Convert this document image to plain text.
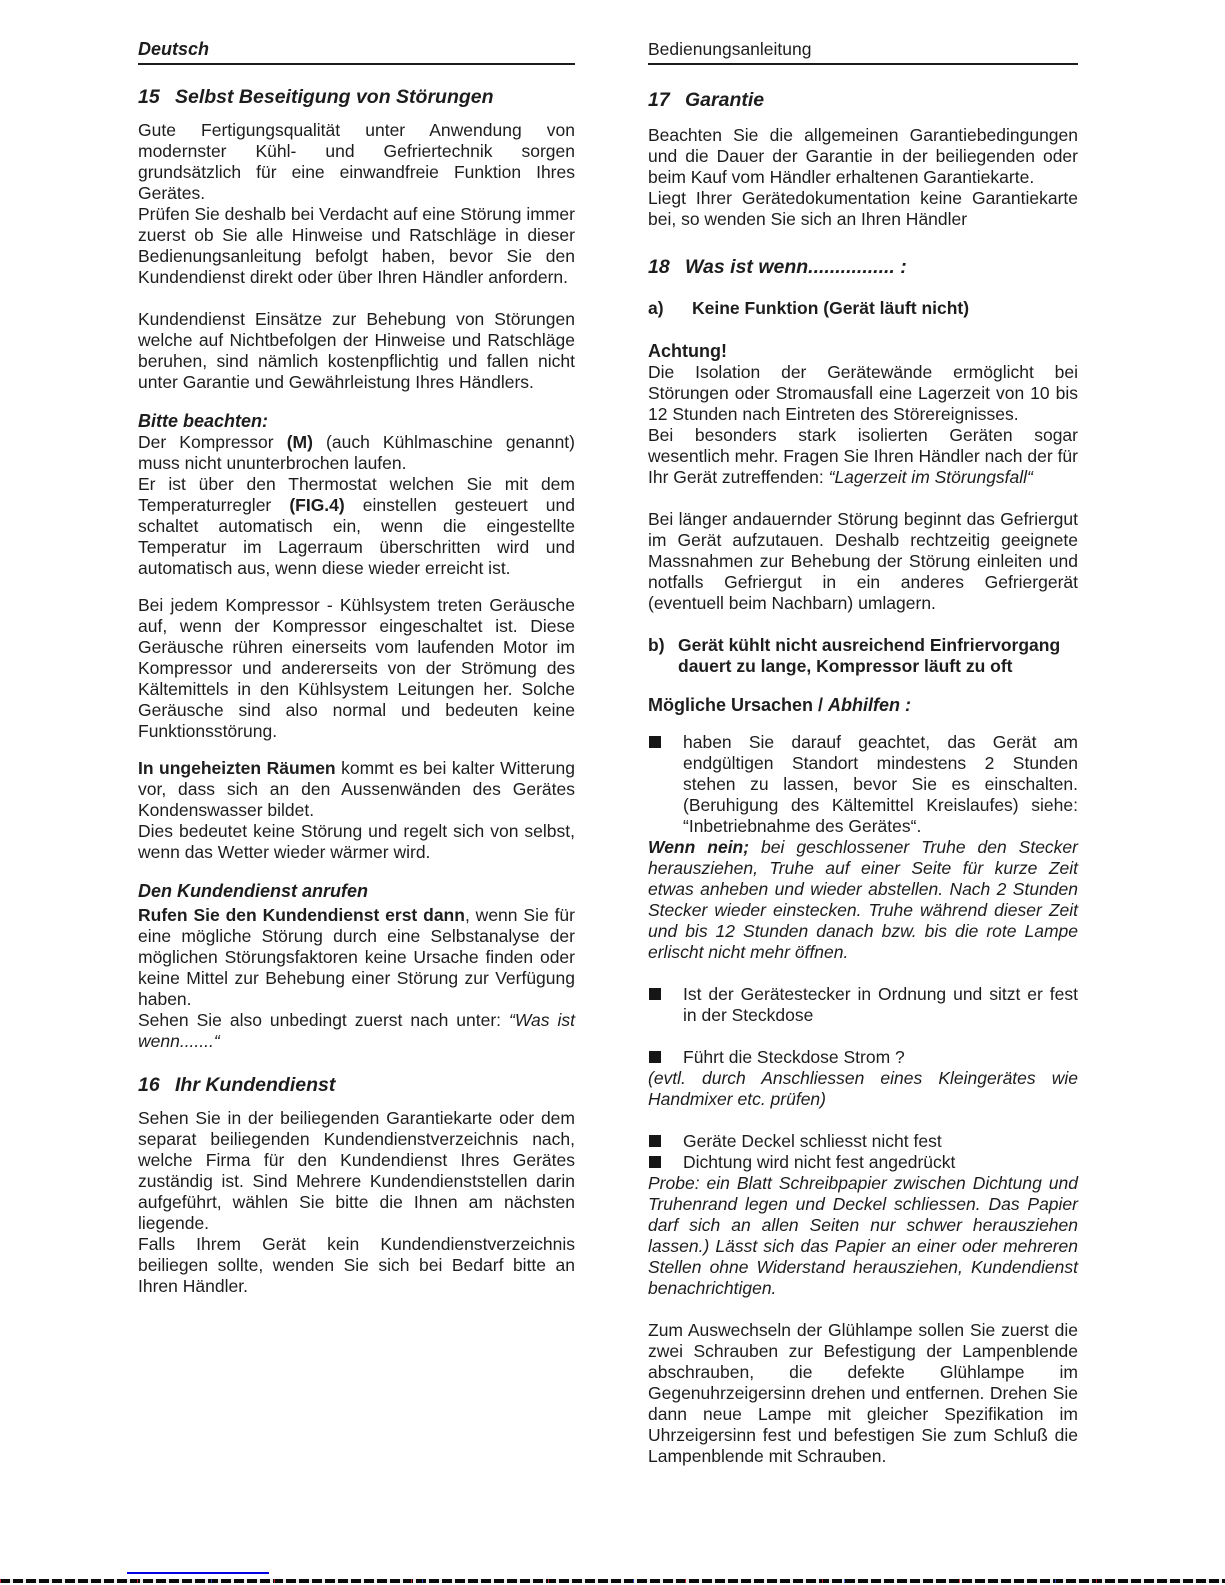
Deutsch
15 Selbst Beseitigung von Störungen
Gute Fertigungsqualität unter Anwendung von modernster Kühl- und Gefriertechnik sorgen grundsätzlich für eine einwandfreie Funktion Ihres Gerätes.
Prüfen Sie deshalb bei Verdacht auf eine Störung immer zuerst ob Sie alle Hinweise und Ratschläge in dieser Bedienungsanleitung befolgt haben, bevor Sie den Kundendienst direkt oder über Ihren Händler anfordern.
Kundendienst Einsätze zur Behebung von Störungen welche auf Nichtbefolgen der Hinweise und Ratschläge beruhen, sind nämlich kostenpflichtig und fallen nicht unter Garantie und Gewährleistung Ihres Händlers.
Bitte beachten:
Der Kompressor (M) (auch Kühlmaschine genannt) muss nicht ununterbrochen laufen.
Er ist über den Thermostat welchen Sie mit dem Temperaturregler (FIG.4) einstellen gesteuert und schaltet automatisch ein, wenn die eingestellte Temperatur im Lagerraum überschritten wird und automatisch aus, wenn diese wieder erreicht ist.
Bei jedem Kompressor - Kühlsystem treten Geräusche auf, wenn der Kompressor eingeschaltet ist. Diese Geräusche rühren einerseits vom laufenden Motor im Kompressor und andererseits von der Strömung des Kältemittels in den Kühlsystem Leitungen her. Solche Geräusche sind also normal und bedeuten keine Funktionsstörung.
In ungeheizten Räumen kommt es bei kalter Witterung vor, dass sich an den Aussenwänden des Gerätes Kondenswasser bildet.
Dies bedeutet keine Störung und regelt sich von selbst, wenn das Wetter wieder wärmer wird.
Den Kundendienst anrufen
Rufen Sie den Kundendienst erst dann, wenn Sie für eine mögliche Störung durch eine Selbstanalyse der möglichen Störungsfaktoren keine Ursache finden oder keine Mittel zur Behebung einer Störung zur Verfügung haben.
Sehen Sie also unbedingt zuerst nach unter: “Was ist wenn.......“
16 Ihr Kundendienst
Sehen Sie in der beiliegenden Garantiekarte oder dem separat beiliegenden Kundendienstverzeichnis nach, welche Firma für den Kundendienst Ihres Gerätes zuständig ist. Sind Mehrere Kundendienststellen darin aufgeführt, wählen Sie bitte die Ihnen am nächsten liegende.
Falls Ihrem Gerät kein Kundendienstverzeichnis beiliegen sollte, wenden Sie sich bei Bedarf bitte an Ihren Händler.
Bedienungsanleitung
17 Garantie
Beachten Sie die allgemeinen Garantiebedingungen und die Dauer der Garantie in der beiliegenden oder beim Kauf vom Händler erhaltenen Garantiekarte.
Liegt Ihrer Gerätedokumentation keine Garantiekarte bei, so wenden Sie sich an Ihren Händler
18 Was ist wenn................ :
a)	Keine Funktion (Gerät läuft nicht)
Achtung!
Die Isolation der Gerätewände ermöglicht bei Störungen oder Stromausfall eine Lagerzeit von 10 bis 12 Stunden nach Eintreten des Störereignisses.
Bei besonders stark isolierten Geräten sogar wesentlich mehr. Fragen Sie Ihren Händler nach der für Ihr Gerät zutreffenden: “Lagerzeit im Störungsfall“
Bei länger andauernder Störung beginnt das Gefriergut im Gerät aufzutauen. Deshalb rechtzeitig geeignete Massnahmen zur Behebung der Störung einleiten und notfalls Gefriergut in ein anderes Gefriergerät (eventuell beim Nachbarn) umlagern.
b) Gerät kühlt nicht ausreichend Einfriervorgang
dauert zu lange, Kompressor läuft zu oft
Mögliche Ursachen / Abhilfen :
haben Sie darauf geachtet, das Gerät am endgültigen Standort mindestens 2 Stunden stehen zu lassen, bevor Sie es einschalten. (Beruhigung des Kältemittel Kreislaufes) siehe: “Inbetriebnahme des Gerätes“.
Wenn nein; bei geschlossener Truhe den Stecker herausziehen, Truhe auf einer Seite für kurze Zeit etwas anheben und wieder abstellen. Nach 2 Stunden Stecker wieder einstecken. Truhe während dieser Zeit und bis 12 Stunden danach bzw. bis die rote Lampe erlischt nicht mehr öffnen.
Ist der Gerätestecker in Ordnung und sitzt er fest in der Steckdose
Führt die Steckdose Strom ?
(evtl. durch Anschliessen eines Kleingerätes wie Handmixer etc. prüfen)
Geräte Deckel schliesst nicht fest
Dichtung wird nicht fest angedrückt
Probe: ein Blatt Schreibpapier zwischen Dichtung und Truhenrand legen und Deckel schliessen. Das Papier darf sich an allen Seiten nur schwer herausziehen lassen.) Lässt sich das Papier an einer oder mehreren Stellen ohne Widerstand herausziehen, Kundendienst benachrichtigen.
Zum Auswechseln der Glühlampe sollen Sie zuerst die zwei Schrauben zur Befestigung der Lampenblende abschrauben, die defekte Glühlampe im Gegenuhrzeigersinn drehen und entfernen. Drehen Sie dann neue Lampe mit gleicher Spezifikation im Uhrzeigersinn fest und befestigen Sie zum Schluß die Lampenblende mit Schrauben.
